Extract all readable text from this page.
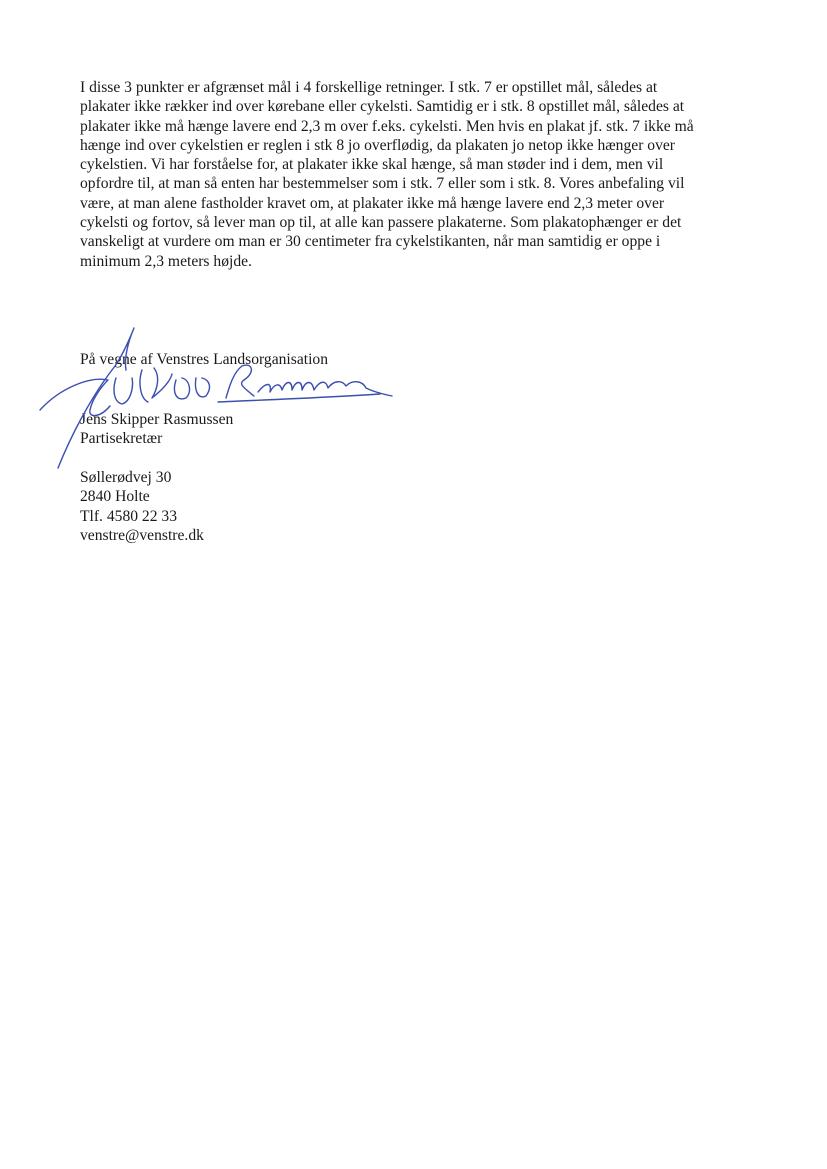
I disse 3 punkter er afgrænset mål i 4 forskellige retninger. I stk. 7 er opstillet mål, således at
plakater ikke rækker ind over kørebane eller cykelsti. Samtidig er i stk. 8 opstillet mål, således at
plakater ikke må hænge lavere end 2,3 m over f.eks. cykelsti. Men hvis en plakat jf. stk. 7 ikke må
hænge ind over cykelstien er reglen i stk 8 jo overflødig, da plakaten jo netop ikke hænger over
cykelstien. Vi har forståelse for, at plakater ikke skal hænge, så man støder ind i dem, men vil
opfordre til, at man så enten har bestemmelser som i stk. 7 eller som i stk. 8. Vores anbefaling vil
være, at man alene fastholder kravet om, at plakater ikke må hænge lavere end 2,3 meter over
cykelsti og fortov, så lever man op til, at alle kan passere plakaterne. Som plakatophænger er det
vanskeligt at vurdere om man er 30 centimeter fra cykelstikanten, når man samtidig er oppe i
minimum 2,3 meters højde.

På vegne af Venstres Landsorganisation

Jens Skipper Rasmussen
Partisekretær
Søllerødvej 30
2840 Holte
Tlf. 4580 22 33
venstre@venstre.dk
